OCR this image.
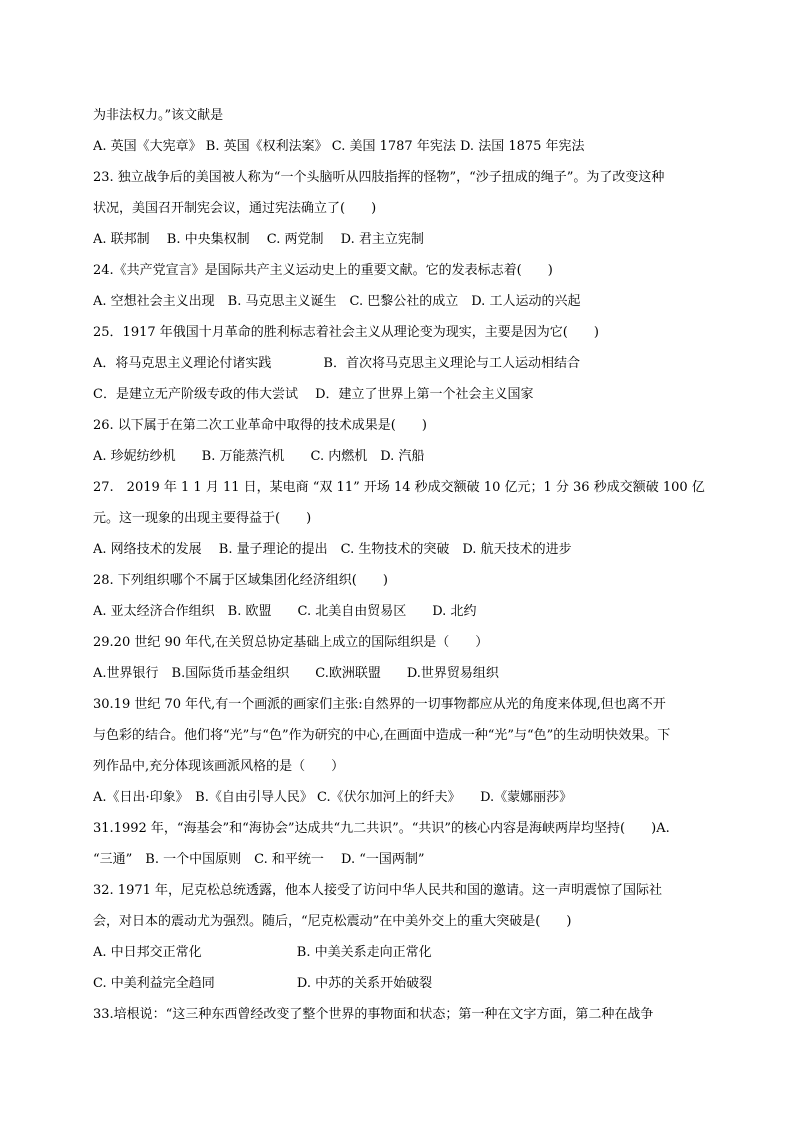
为非法权力。”该文献是
A. 英国《大宪章》 B. 英国《权利法案》 C. 美国 1787 年宪法 D. 法国 1875 年宪法
23. 独立战争后的美国被人称为“一个头脑听从四肢指挥的怪物”，“沙子扭成的绳子”。为了改变这种
状况，美国召开制宪会议，通过宪法确立了(　　)
A. 联邦制　 B. 中央集权制　 C. 两党制　 D. 君主立宪制
24.《共产党宣言》是国际共产主义运动史上的重要文献。它的发表标志着(　　)
A. 空想社会主义出现　B. 马克思主义诞生　C. 巴黎公社的成立　D. 工人运动的兴起
25．1917 年俄国十月革命的胜利标志着社会主义从理论变为现实，主要是因为它(　　)
A．将马克思主义理论付诸实践　　　　B．首次将马克思主义理论与工人运动相结合
C．是建立无产阶级专政的伟大尝试　 D．建立了世界上第一个社会主义国家
26. 以下属于在第二次工业革命中取得的技术成果是(　　)
A. 珍妮纺纱机　　B. 万能蒸汽机　　C. 内燃机　D. 汽船
27.　2019 年 1 1 月 11 日，某电商 “双 11” 开场 14 秒成交额破 10 亿元；1 分 36 秒成交额破 100 亿
元。这一现象的出现主要得益于(　　)
A. 网络技术的发展　 B. 量子理论的提出　C. 生物技术的突破　D. 航天技术的进步
28. 下列组织哪个不属于区域集团化经济组织(　　)
A. 亚太经济合作组织　B. 欧盟　　C. 北美自由贸易区　　D. 北约
29.20 世纪 90 年代,在关贸总协定基础上成立的国际组织是（　　）
A.世界银行　B.国际货币基金组织　　C.欧洲联盟　　D.世界贸易组织
30.19 世纪 70 年代,有一个画派的画家们主张:自然界的一切事物都应从光的角度来体现,但也离不开
与色彩的结合。他们将“光”与“色”作为研究的中心,在画面中造成一种“光”与“色”的生动明快效果。下
列作品中,充分体现该画派风格的是（　　）
A.《日出·印象》　B.《自由引导人民》 C.《伏尔加河上的纤夫》　　D.《蒙娜丽莎》
31.1992 年，“海基会”和“海协会”达成共“九二共识”。“共识”的核心内容是海峡两岸均坚持(　　)A.
“三通”　B. 一个中国原则　C. 和平统一　 D. “一国两制”
32. 1971 年，尼克松总统透露，他本人接受了访问中华人民共和国的邀请。这一声明震惊了国际社
会，对日本的震动尤为强烈。随后，“尼克松震动”在中美外交上的重大突破是(　　)
A. 中日邦交正常化　　　　　　　 B. 中美关系走向正常化
C. 中美利益完全趋同　　　　　　 D. 中苏的关系开始破裂
33.培根说：“这三种东西曾经改变了整个世界的事物面和状态；第一种在文字方面，第二种在战争
